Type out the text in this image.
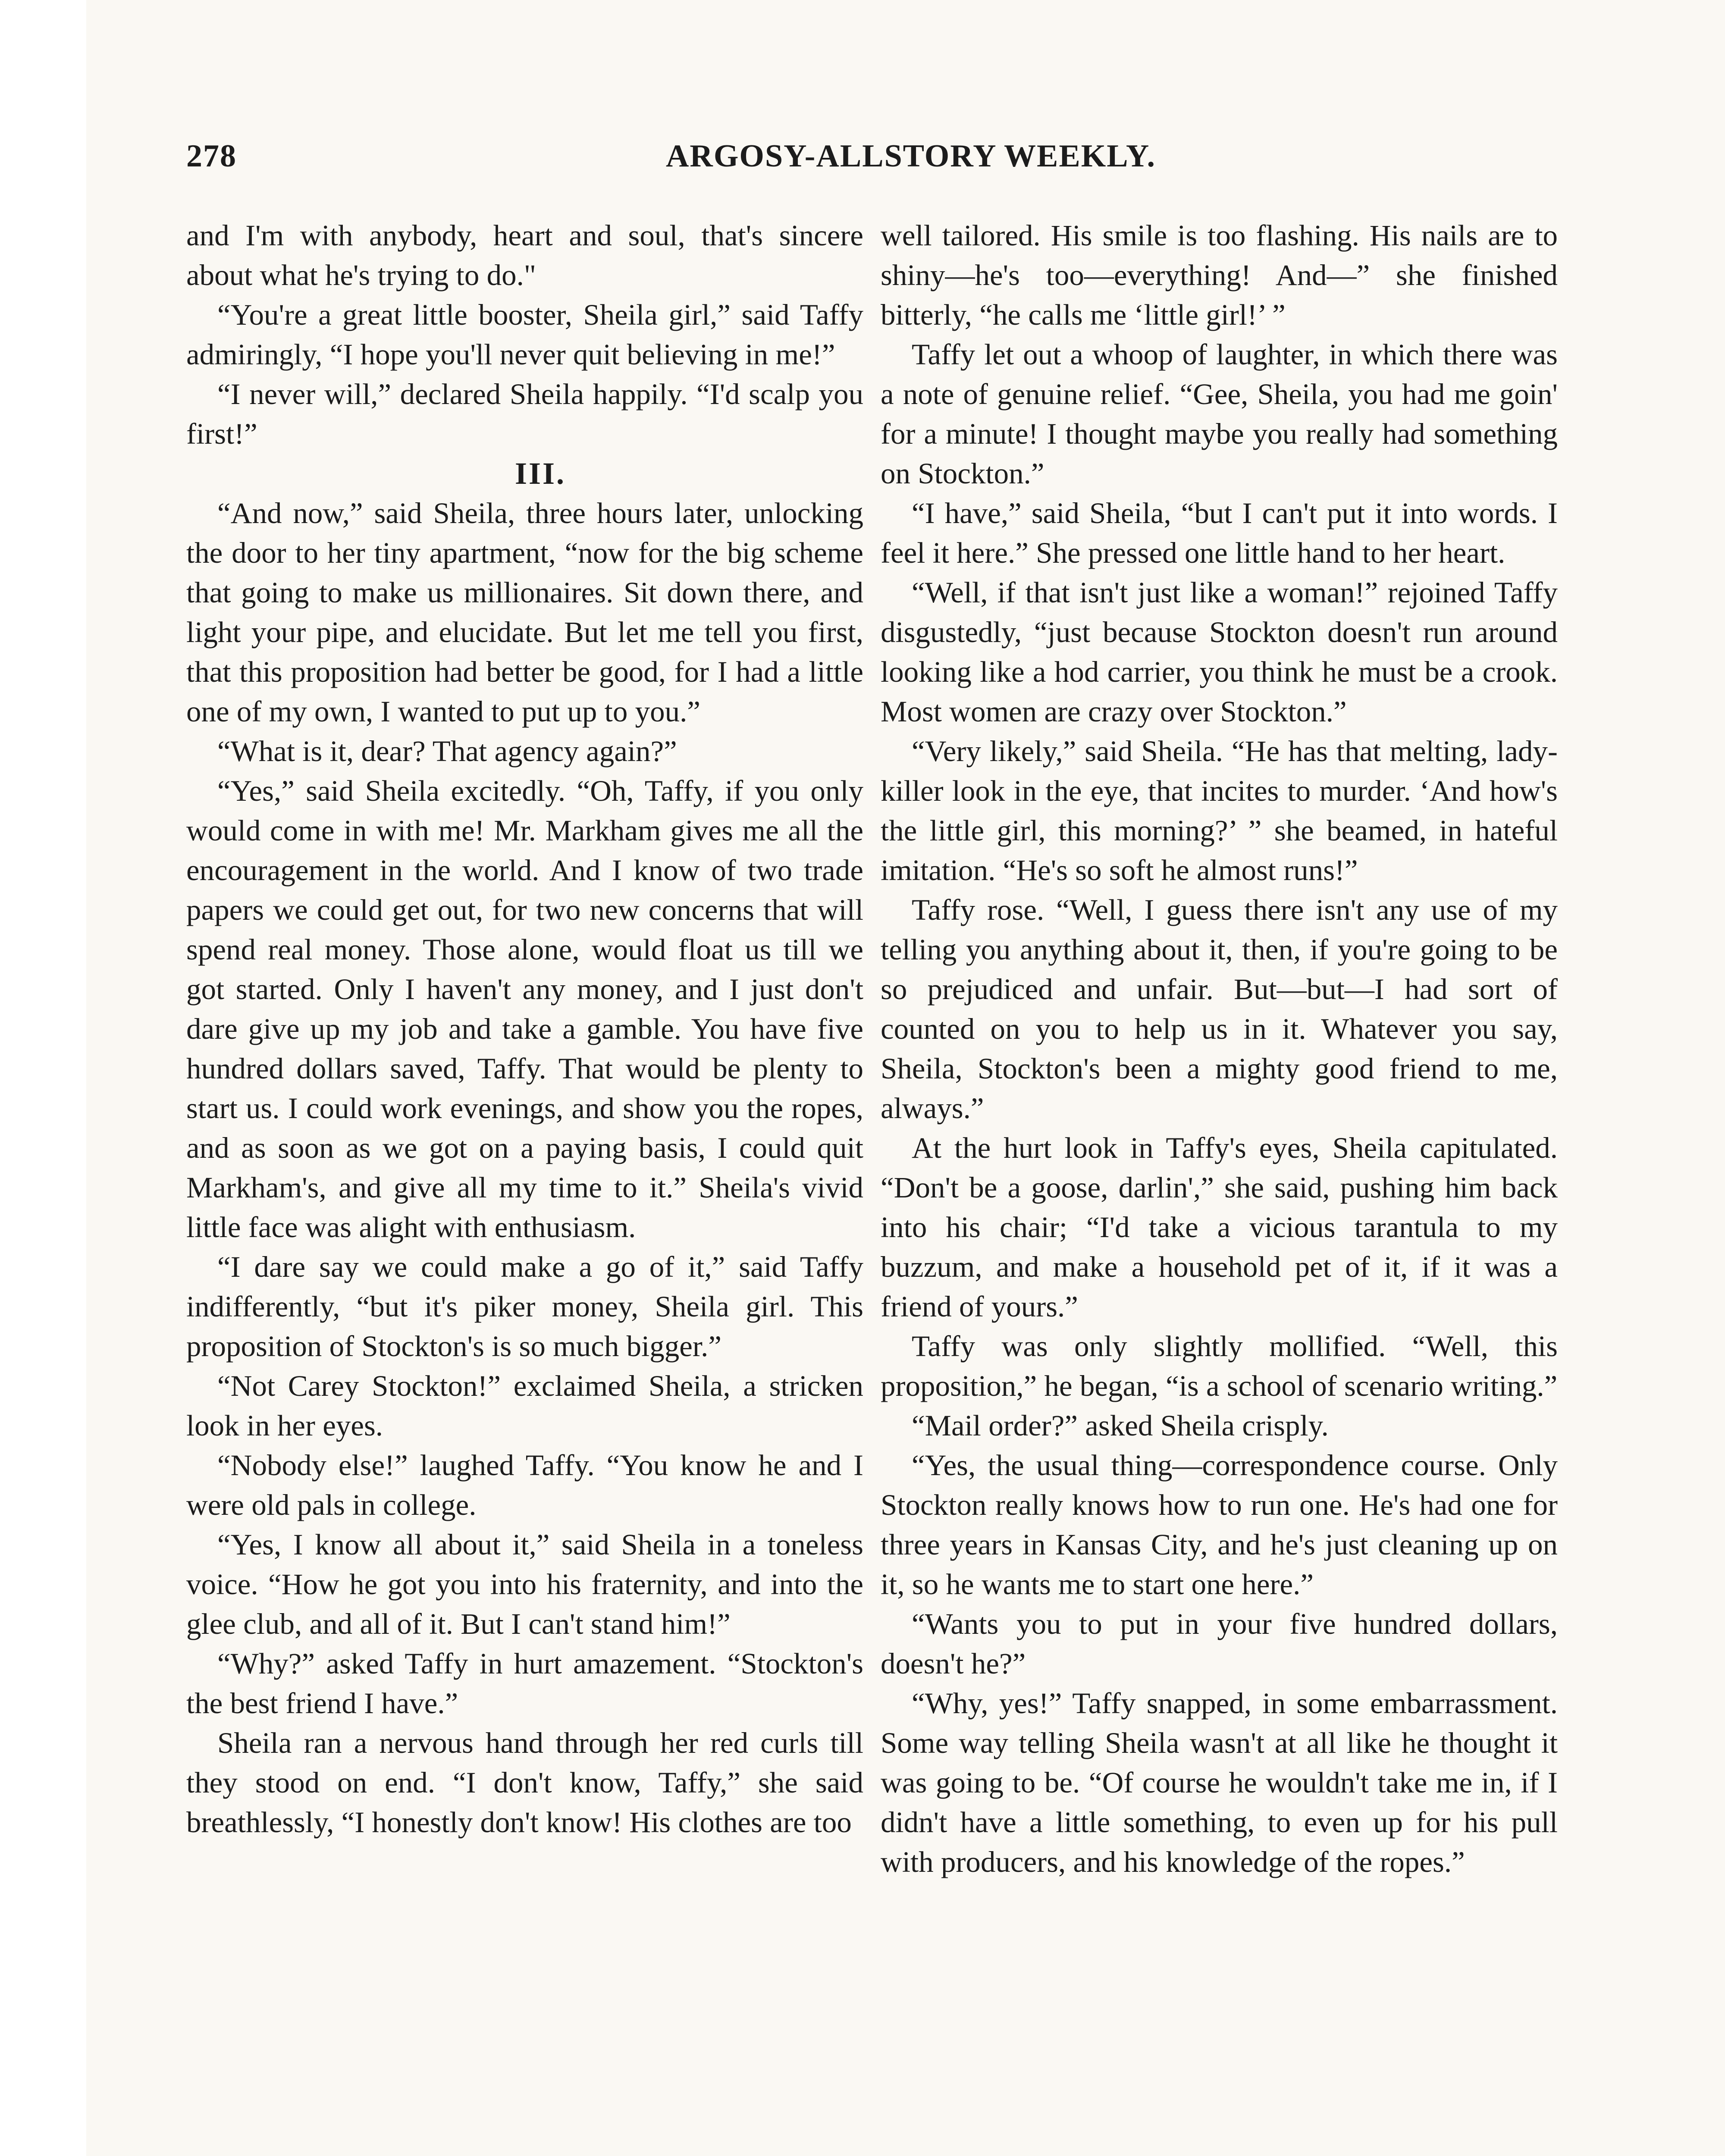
278	ARGOSY-ALLSTORY WEEKLY.

and I'm with anybody, heart and soul, that's sincere about what he's trying to do."

“You're a great little booster, Sheila girl,” said Taffy admiringly, “I hope you'll never quit believing in me!”

“I never will,” declared Sheila happily. “I'd scalp you first!”

III.

“And now,” said Sheila, three hours later, unlocking the door to her tiny apartment, “now for the big scheme that going to make us millionaires. Sit down there, and light your pipe, and elucidate. But let me tell you first, that this proposition had better be good, for I had a little one of my own, I wanted to put up to you.”

“What is it, dear? That agency again?”

“Yes,” said Sheila excitedly. “Oh, Taffy, if you only would come in with me! Mr. Markham gives me all the encouragement in the world. And I know of two trade papers we could get out, for two new concerns that will spend real money. Those alone, would float us till we got started. Only I haven't any money, and I just don't dare give up my job and take a gamble. You have five hundred dollars saved, Taffy. That would be plenty to start us. I could work evenings, and show you the ropes, and as soon as we got on a paying basis, I could quit Markham's, and give all my time to it.” Sheila's vivid little face was alight with enthusiasm.

“I dare say we could make a go of it,” said Taffy indifferently, “but it's piker money, Sheila girl. This proposition of Stockton's is so much bigger.”

“Not Carey Stockton!” exclaimed Sheila, a stricken look in her eyes.

“Nobody else!” laughed Taffy. “You know he and I were old pals in college.

“Yes, I know all about it,” said Sheila in a toneless voice. “How he got you into his fraternity, and into the glee club, and all of it. But I can't stand him!”

“Why?” asked Taffy in hurt amazement. “Stockton's the best friend I have.”

Sheila ran a nervous hand through her red curls till they stood on end. “I don't know, Taffy,” she said breathlessly, “I honestly don't know! His clothes are too

well tailored. His smile is too flashing. His nails are to shiny—he's too—everything! And—” she finished bitterly, “he calls me ‘little girl!’ ”

Taffy let out a whoop of laughter, in which there was a note of genuine relief. “Gee, Sheila, you had me goin' for a minute! I thought maybe you really had something on Stockton.”

“I have,” said Sheila, “but I can't put it into words. I feel it here.” She pressed one little hand to her heart.

“Well, if that isn't just like a woman!” rejoined Taffy disgustedly, “just because Stockton doesn't run around looking like a hod carrier, you think he must be a crook. Most women are crazy over Stockton.”

“Very likely,” said Sheila. “He has that melting, lady-killer look in the eye, that incites to murder. ‘And how's the little girl, this morning?’ ” she beamed, in hateful imitation. “He's so soft he almost runs!”

Taffy rose. “Well, I guess there isn't any use of my telling you anything about it, then, if you're going to be so prejudiced and unfair. But—but—I had sort of counted on you to help us in it. Whatever you say, Sheila, Stockton's been a mighty good friend to me, always.”

At the hurt look in Taffy's eyes, Sheila capitulated. “Don't be a goose, darlin',” she said, pushing him back into his chair; “I'd take a vicious tarantula to my buzzum, and make a household pet of it, if it was a friend of yours.”

Taffy was only slightly mollified. “Well, this proposition,” he began, “is a school of scenario writing.”

“Mail order?” asked Sheila crisply.

“Yes, the usual thing—correspondence course. Only Stockton really knows how to run one. He's had one for three years in Kansas City, and he's just cleaning up on it, so he wants me to start one here.”

“Wants you to put in your five hundred dollars, doesn't he?”

“Why, yes!” Taffy snapped, in some embarrassment. Some way telling Sheila wasn't at all like he thought it was going to be. “Of course he wouldn't take me in, if I didn't have a little something, to even up for his pull with producers, and his knowledge of the ropes.”
